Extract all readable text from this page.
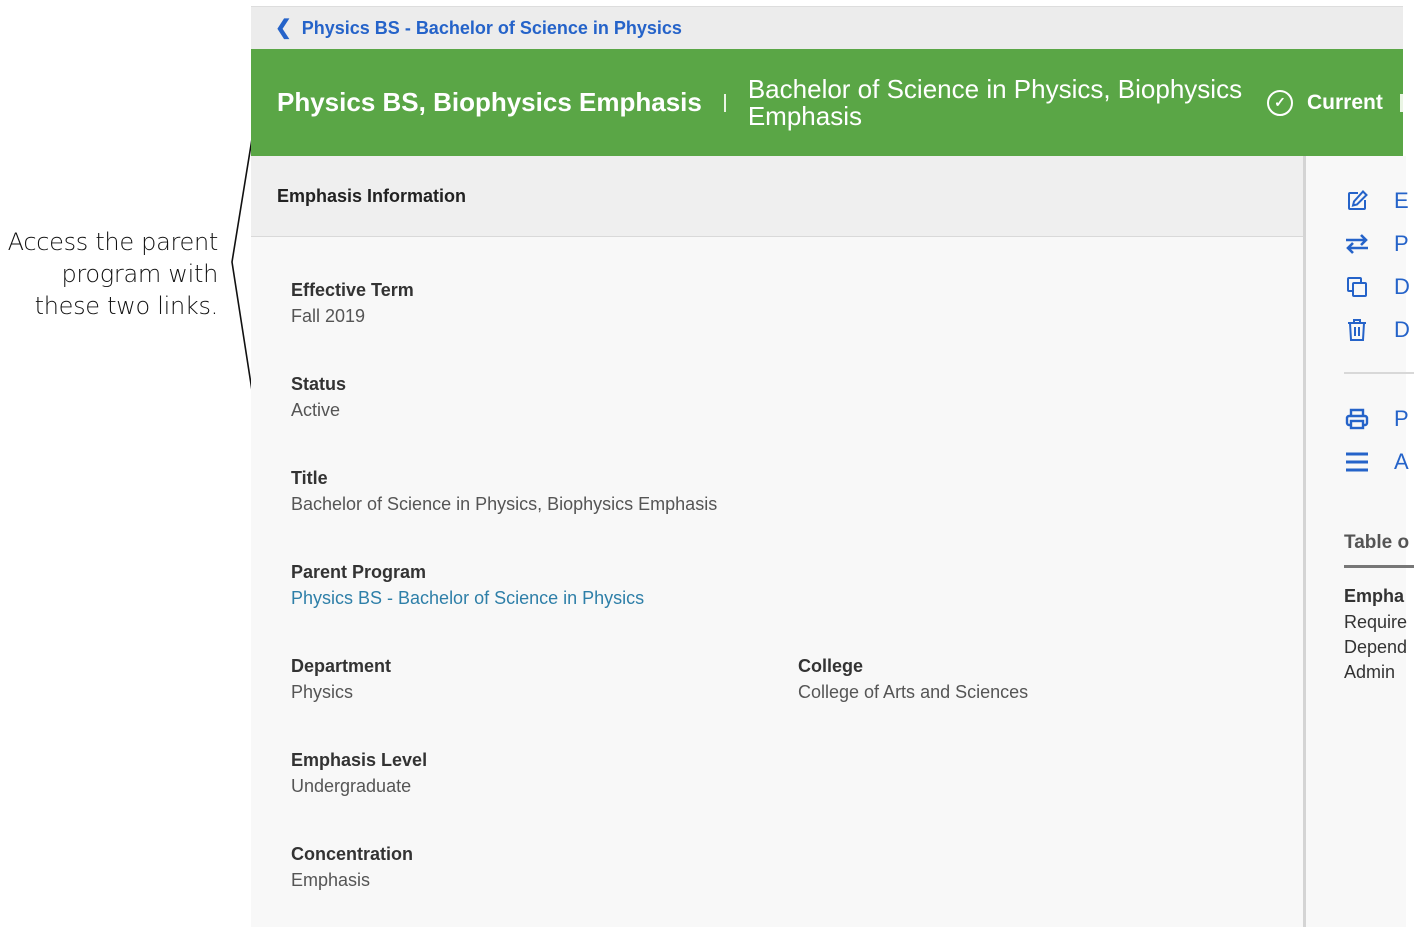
Access the parent
program with
these two links.
❮ Physics BS - Bachelor of Science in Physics
Physics BS, Biophysics Emphasis Bachelor of Science in Physics, Biophysics Emphasis	✓	Current
Emphasis Information
Effective Term
Fall 2019
Status
Active
Title
Bachelor of Science in Physics, Biophysics Emphasis
Parent Program
Physics BS - Bachelor of Science in Physics
Department
Physics
College
College of Arts and Sciences
Emphasis Level
Undergraduate
Concentration
Emphasis
E
P
D
D
P
A
Table o
Empha
Require
Depend
Admin
